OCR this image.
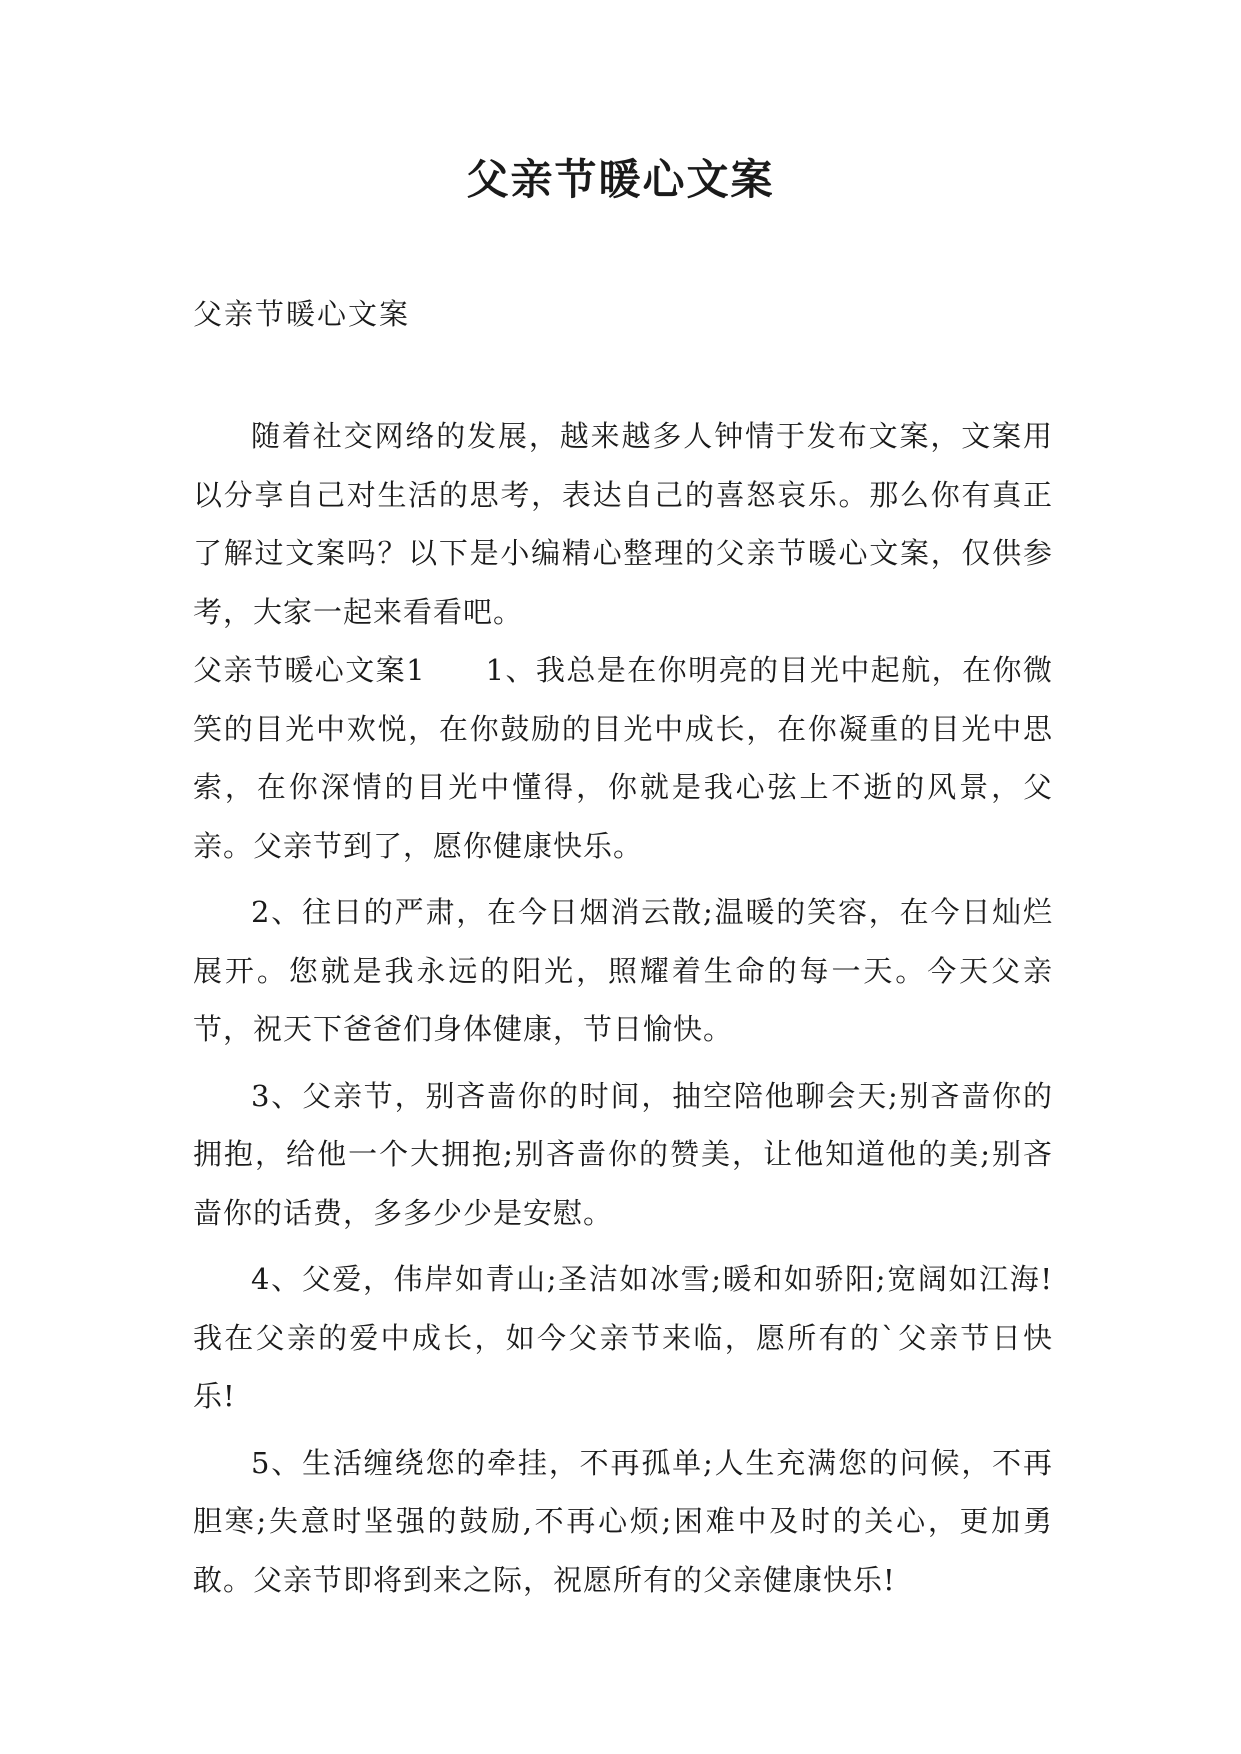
父亲节暖心文案

父亲节暖心文案

随着社交网络的发展，越来越多人钟情于发布文案，文案用以分享自己对生活的思考，表达自己的喜怒哀乐。那么你有真正了解过文案吗？以下是小编精心整理的父亲节暖心文案，仅供参考，大家一起来看看吧。

父亲节暖心文案1   1、我总是在你明亮的目光中起航，在你微笑的目光中欢悦，在你鼓励的目光中成长，在你凝重的目光中思索，在你深情的目光中懂得，你就是我心弦上不逝的风景，父亲。父亲节到了，愿你健康快乐。

2、往日的严肃，在今日烟消云散;温暖的笑容，在今日灿烂展开。您就是我永远的阳光，照耀着生命的每一天。今天父亲节，祝天下爸爸们身体健康，节日愉快。

3、父亲节，别吝啬你的时间，抽空陪他聊会天;别吝啬你的拥抱，给他一个大拥抱;别吝啬你的赞美，让他知道他的美;别吝啬你的话费，多多少少是安慰。

4、父爱，伟岸如青山;圣洁如冰雪;暖和如骄阳;宽阔如江海!我在父亲的爱中成长，如今父亲节来临，愿所有的`父亲节日快乐!

5、生活缠绕您的牵挂，不再孤单;人生充满您的问候，不再胆寒;失意时坚强的鼓励,不再心烦;困难中及时的关心，更加勇敢。父亲节即将到来之际，祝愿所有的父亲健康快乐!
